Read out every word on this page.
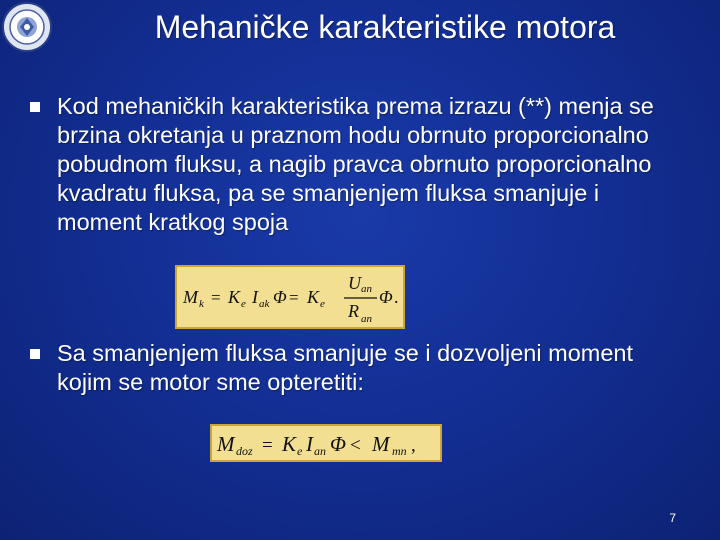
Mehaničke karakteristike motora
Kod mehaničkih karakteristika prema izrazu (**) menja se brzina okretanja u praznom hodu obrnuto proporcionalno pobudnom fluksu, a nagib pravca obrnuto proporcionalno kvadratu fluksa, pa se smanjenjem fluksa smanjuje i moment kratkog spoja
M k = K e I ak Φ = K e
U an
R an
Φ .
Sa smanjenjem fluksa smanjuje se i dozvoljeni moment kojim se motor sme opteretiti:
M doz = K e I an Φ < M mn ,
7
